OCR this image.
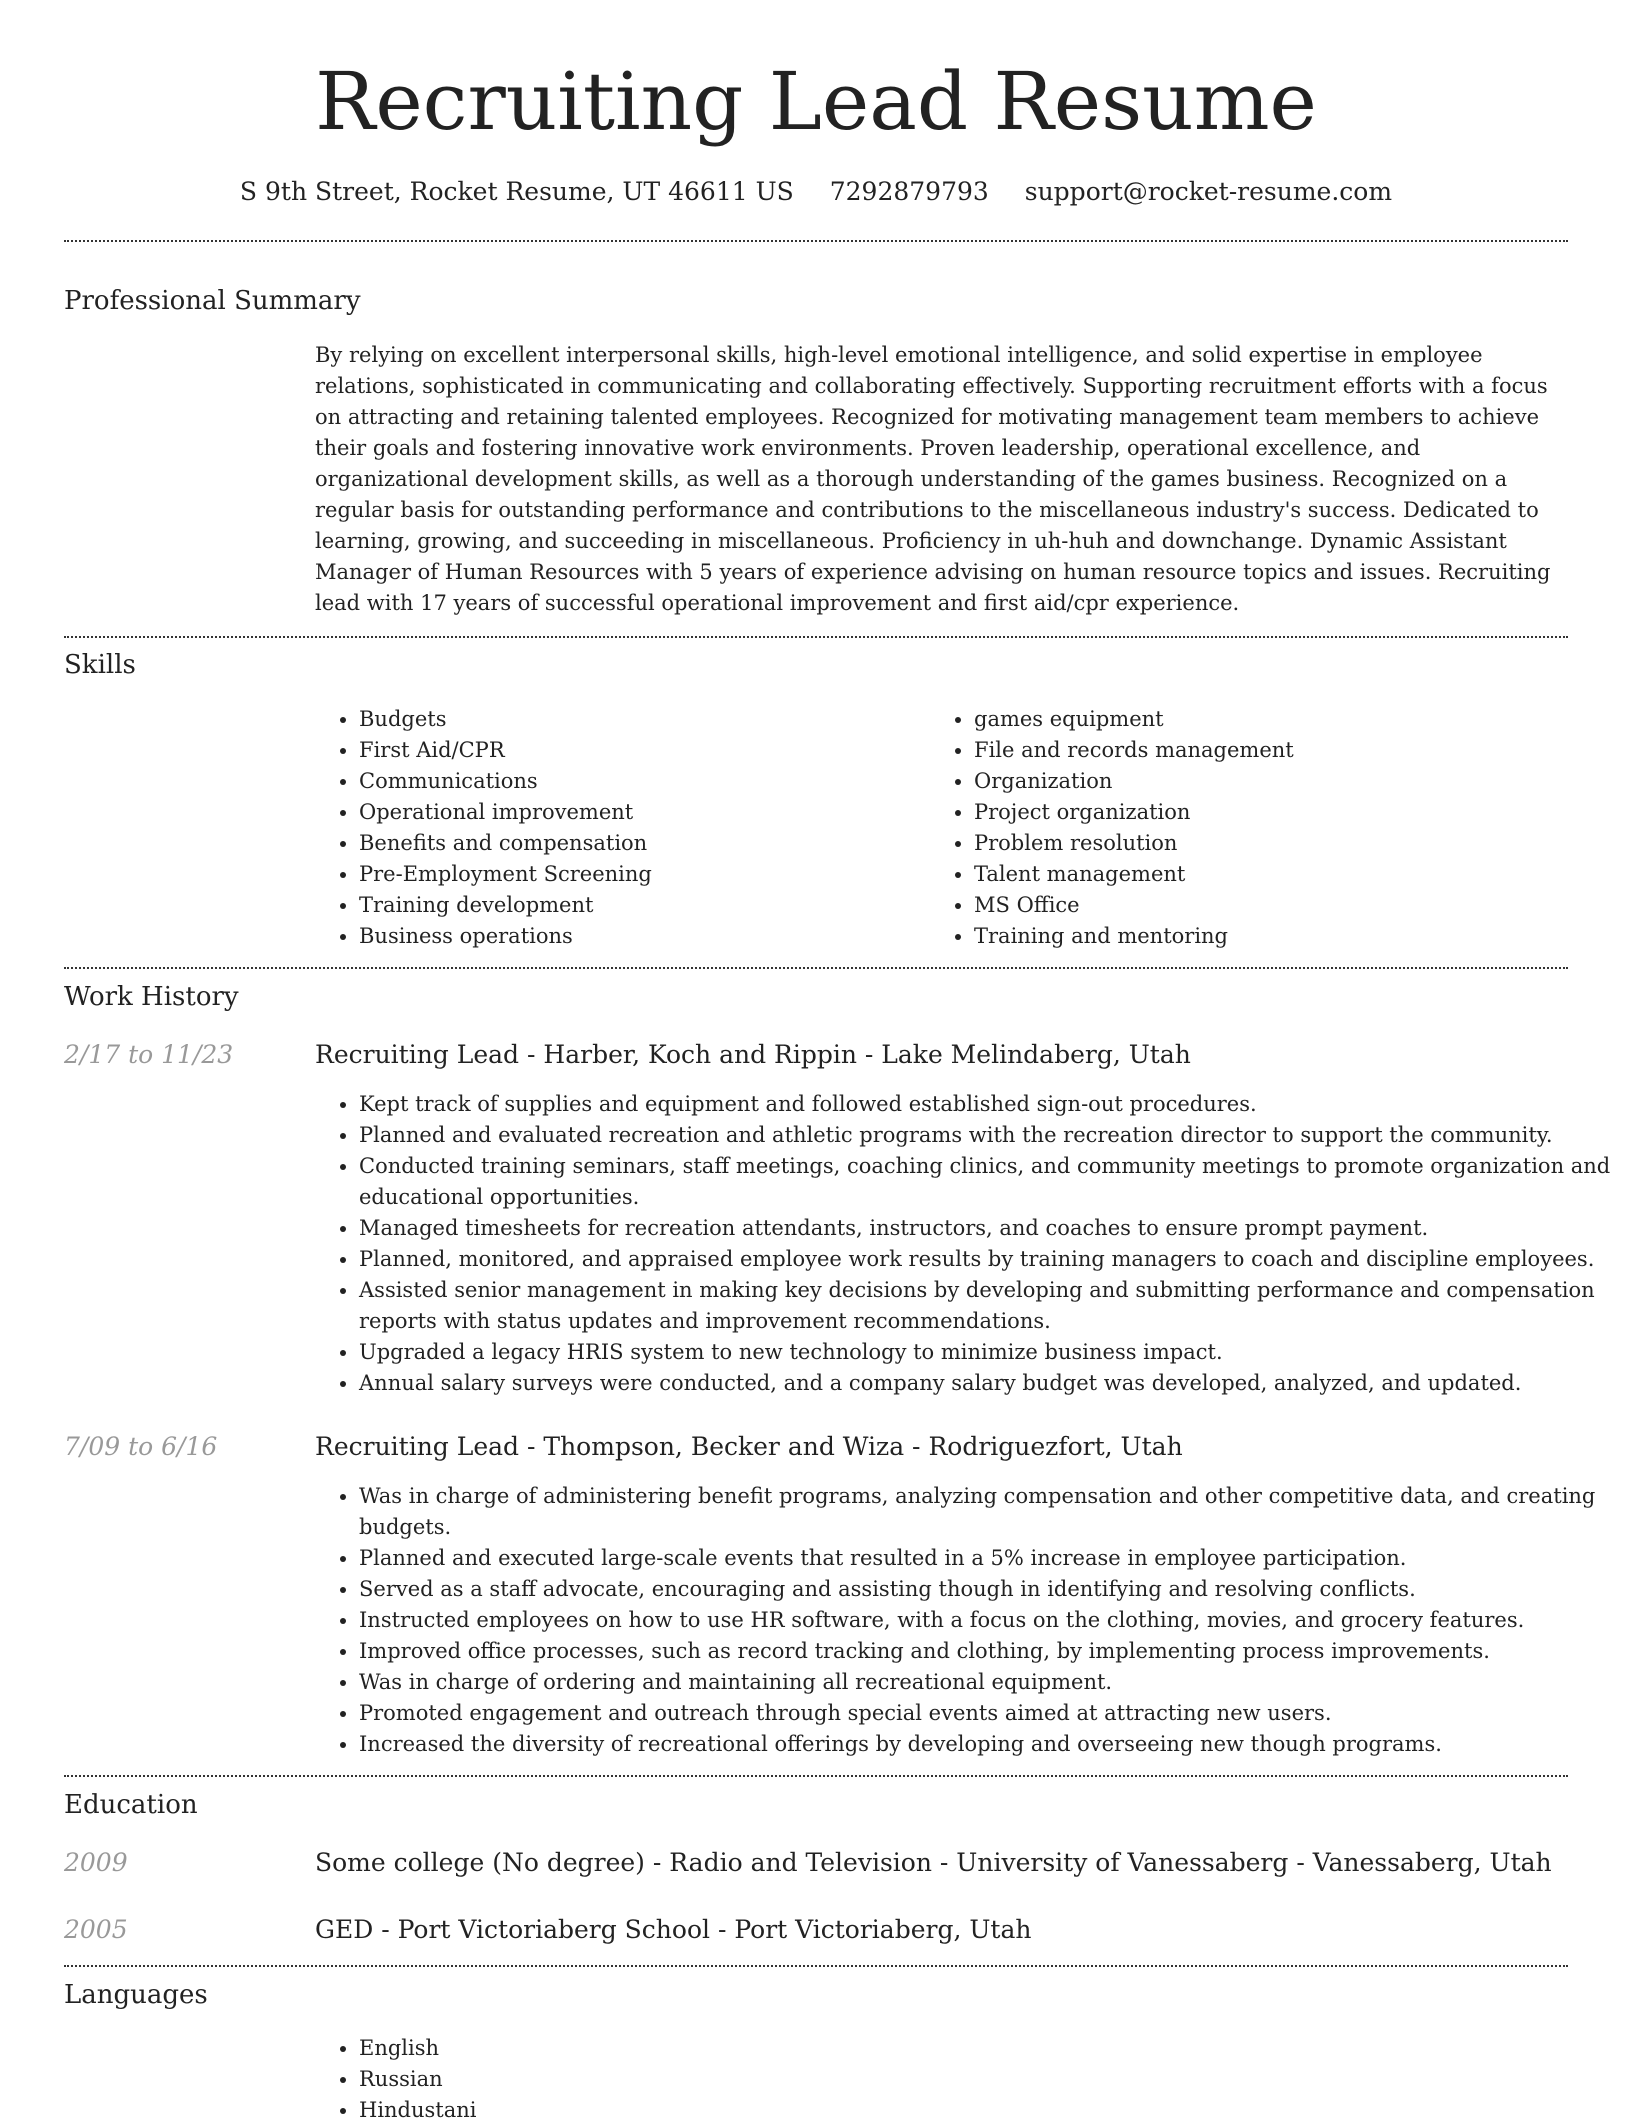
Recruiting Lead Resume
S 9th Street, Rocket Resume, UT 46611 US 7292879793 support@rocket-resume.com
Professional Summary

By relying on excellent interpersonal skills, high-level emotional intelligence, and solid expertise in employee relations, sophisticated in communicating and collaborating effectively. Supporting recruitment efforts with a focus on attracting and retaining talented employees. Recognized for motivating management team members to achieve their goals and fostering innovative work environments. Proven leadership, operational excellence, and organizational development skills, as well as a thorough understanding of the games business. Recognized on a regular basis for outstanding performance and contributions to the miscellaneous industry's success. Dedicated to learning, growing, and succeeding in miscellaneous. Proficiency in uh-huh and downchange. Dynamic Assistant Manager of Human Resources with 5 years of experience advising on human resource topics and issues. Recruiting lead with 17 years of successful operational improvement and first aid/cpr experience.

Skills
• Budgets
• First Aid/CPR
• Communications
• Operational improvement
• Benefits and compensation
• Pre-Employment Screening
• Training development
• Business operations
• games equipment
• File and records management
• Organization
• Project organization
• Problem resolution
• Talent management
• MS Office
• Training and mentoring
Work History
2/17 to 11/23	Recruiting Lead - Harber, Koch and Rippin - Lake Melindaberg, Utah
• Kept track of supplies and equipment and followed established sign-out procedures.
• Planned and evaluated recreation and athletic programs with the recreation director to support the community.
• Conducted training seminars, staff meetings, coaching clinics, and community meetings to promote organization and educational opportunities.
• Managed timesheets for recreation attendants, instructors, and coaches to ensure prompt payment.
• Planned, monitored, and appraised employee work results by training managers to coach and discipline employees.
• Assisted senior management in making key decisions by developing and submitting performance and compensation reports with status updates and improvement recommendations.
• Upgraded a legacy HRIS system to new technology to minimize business impact.
• Annual salary surveys were conducted, and a company salary budget was developed, analyzed, and updated.
7/09 to 6/16	Recruiting Lead - Thompson, Becker and Wiza - Rodriguezfort, Utah
• Was in charge of administering benefit programs, analyzing compensation and other competitive data, and creating budgets.
• Planned and executed large-scale events that resulted in a 5% increase in employee participation.
• Served as a staff advocate, encouraging and assisting though in identifying and resolving conflicts.
• Instructed employees on how to use HR software, with a focus on the clothing, movies, and grocery features.
• Improved office processes, such as record tracking and clothing, by implementing process improvements.
• Was in charge of ordering and maintaining all recreational equipment.
• Promoted engagement and outreach through special events aimed at attracting new users.
• Increased the diversity of recreational offerings by developing and overseeing new though programs.
Education
2009	Some college (No degree) - Radio and Television - University of Vanessaberg - Vanessaberg, Utah
2005	GED - Port Victoriaberg School - Port Victoriaberg, Utah
Languages
• English
• Russian
• Hindustani
